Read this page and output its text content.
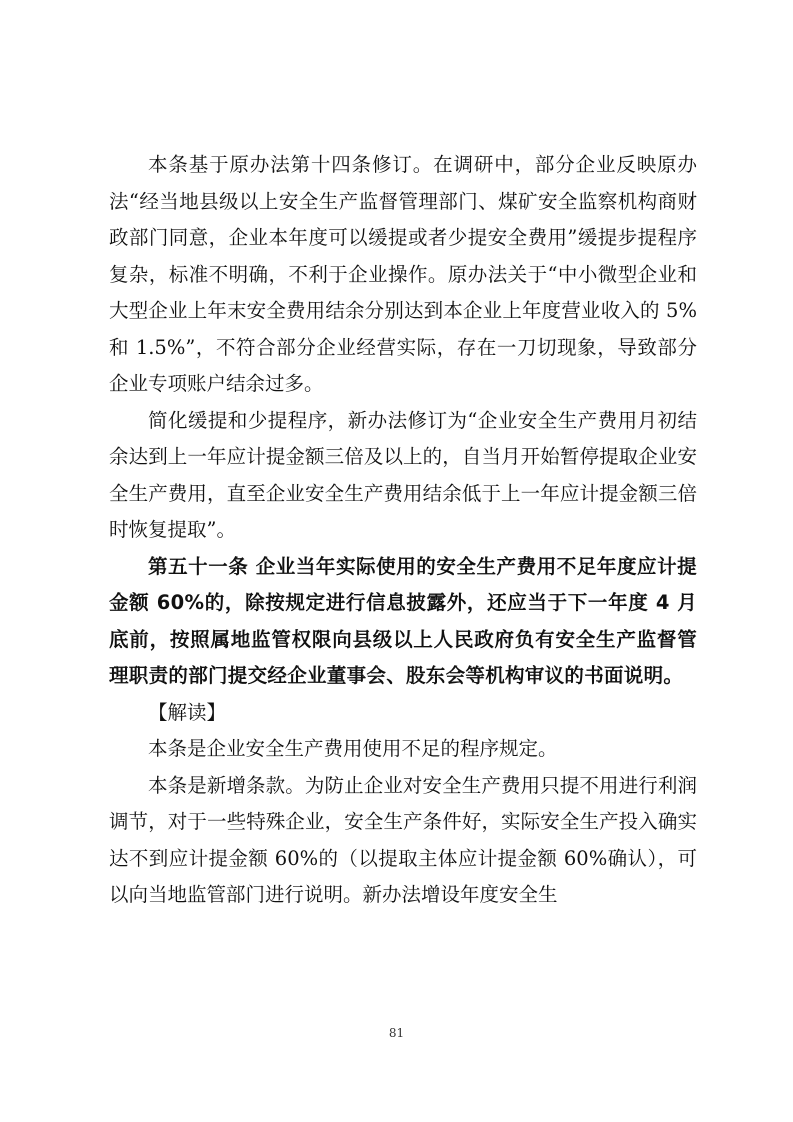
本条基于原办法第十四条修订。在调研中，部分企业反映原办法“经当地县级以上安全生产监督管理部门、煤矿安全监察机构商财政部门同意，企业本年度可以缓提或者少提安全费用”缓提步提程序复杂，标准不明确，不利于企业操作。原办法关于“中小微型企业和大型企业上年末安全费用结余分别达到本企业上年度营业收入的 5%和 1.5%”，不符合部分企业经营实际，存在一刀切现象，导致部分企业专项账户结余过多。

简化缓提和少提程序，新办法修订为“企业安全生产费用月初结余达到上一年应计提金额三倍及以上的，自当月开始暂停提取企业安全生产费用，直至企业安全生产费用结余低于上一年应计提金额三倍时恢复提取”。

第五十一条 企业当年实际使用的安全生产费用不足年度应计提金额 60%的，除按规定进行信息披露外，还应当于下一年度 4 月底前，按照属地监管权限向县级以上人民政府负有安全生产监督管理职责的部门提交经企业董事会、股东会等机构审议的书面说明。

【解读】

本条是企业安全生产费用使用不足的程序规定。

本条是新增条款。为防止企业对安全生产费用只提不用进行利润调节，对于一些特殊企业，安全生产条件好，实际安全生产投入确实达不到应计提金额 60%的（以提取主体应计提金额 60%确认），可以向当地监管部门进行说明。新办法增设年度安全生

81
